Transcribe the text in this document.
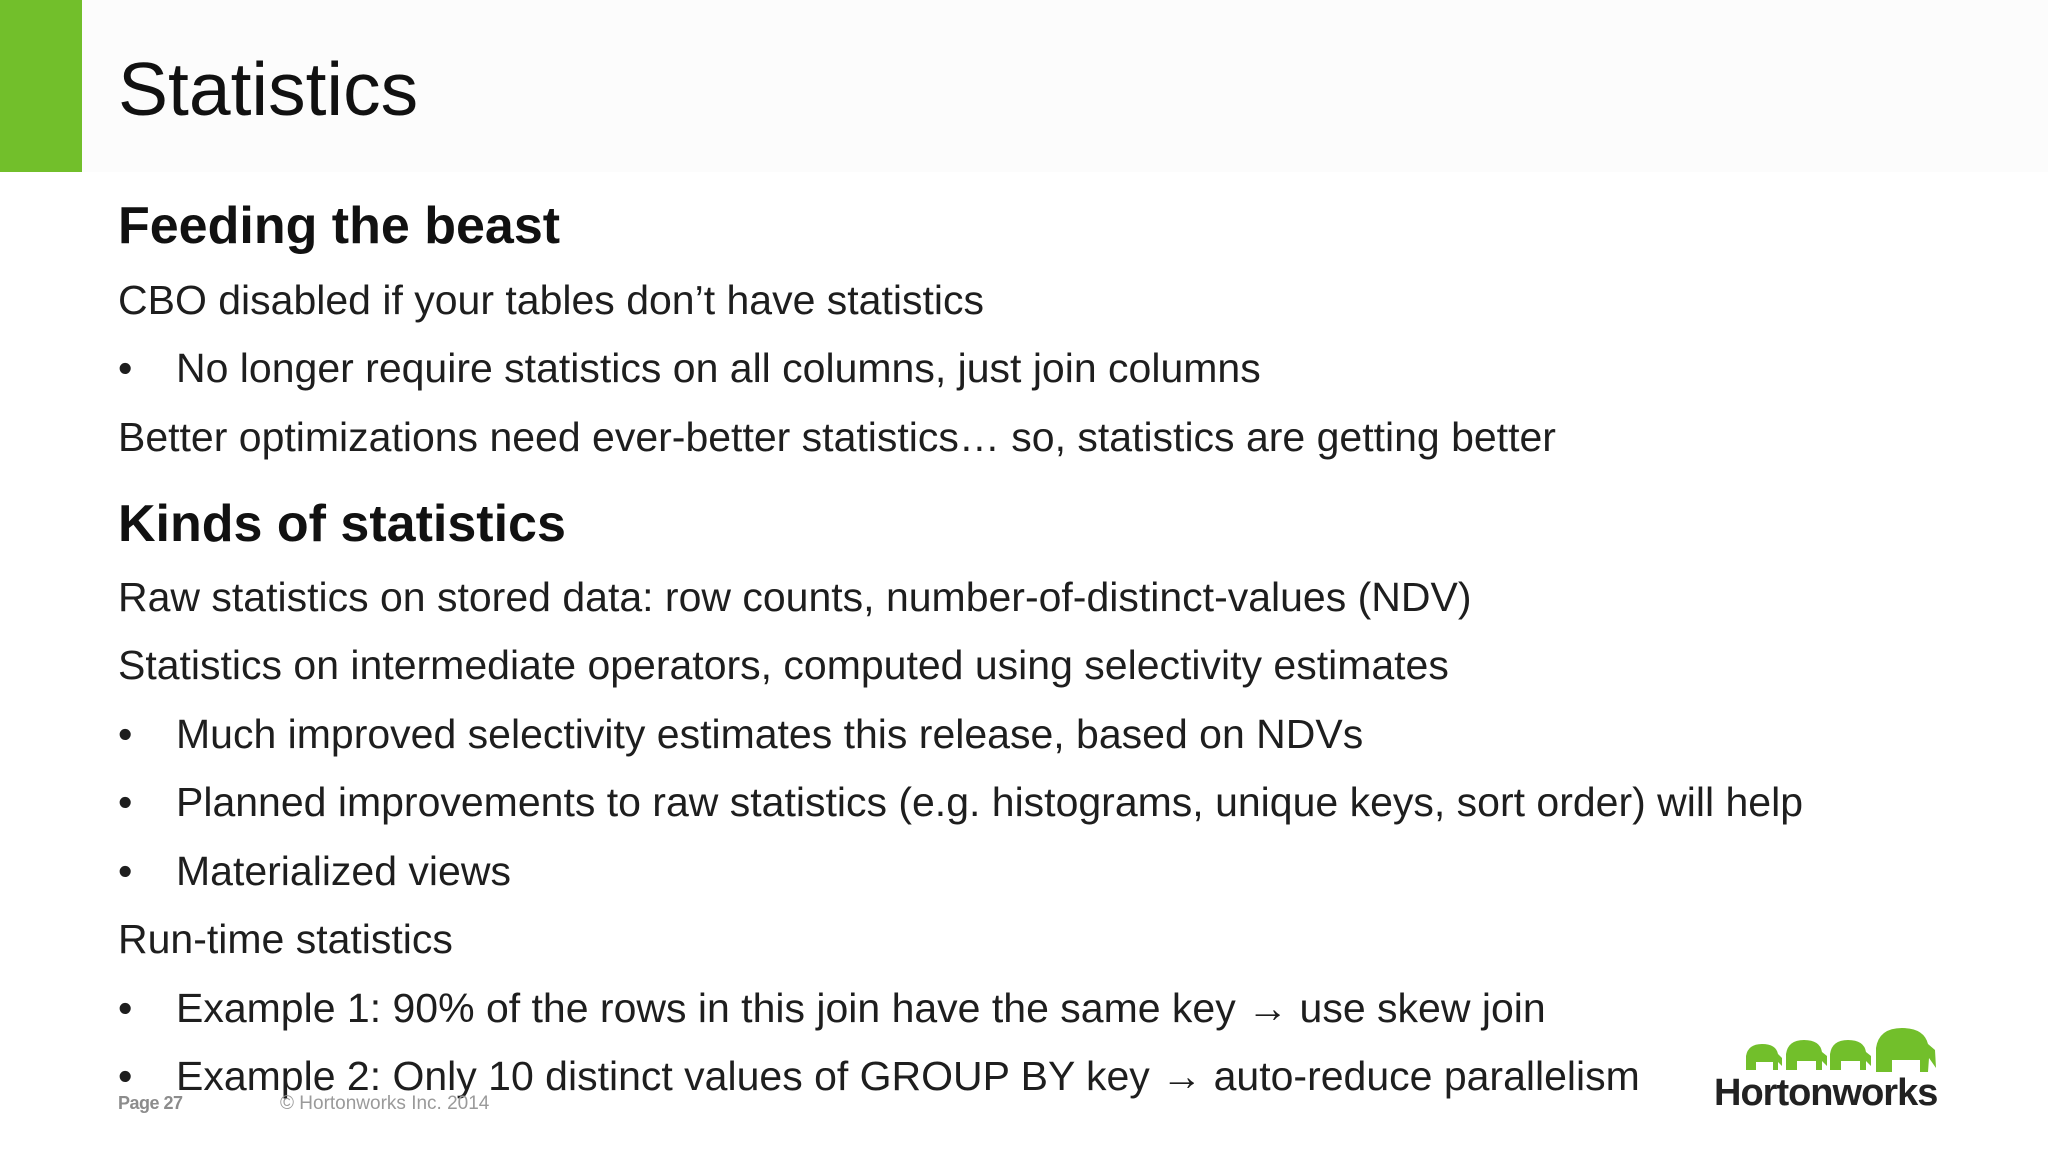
Statistics
Feeding the beast
CBO disabled if your tables don’t have statistics
• No longer require statistics on all columns, just join columns
Better optimizations need ever-better statistics… so, statistics are getting better
Kinds of statistics
Raw statistics on stored data: row counts, number-of-distinct-values (NDV)
Statistics on intermediate operators, computed using selectivity estimates
• Much improved selectivity estimates this release, based on NDVs
• Planned improvements to raw statistics (e.g. histograms, unique keys, sort order) will help
• Materialized views
Run-time statistics
• Example 1: 90% of the rows in this join have the same key → use skew join
• Example 2: Only 10 distinct values of GROUP BY key → auto-reduce parallelism
Page 27	© Hortonworks Inc. 2014	Hortonworks
